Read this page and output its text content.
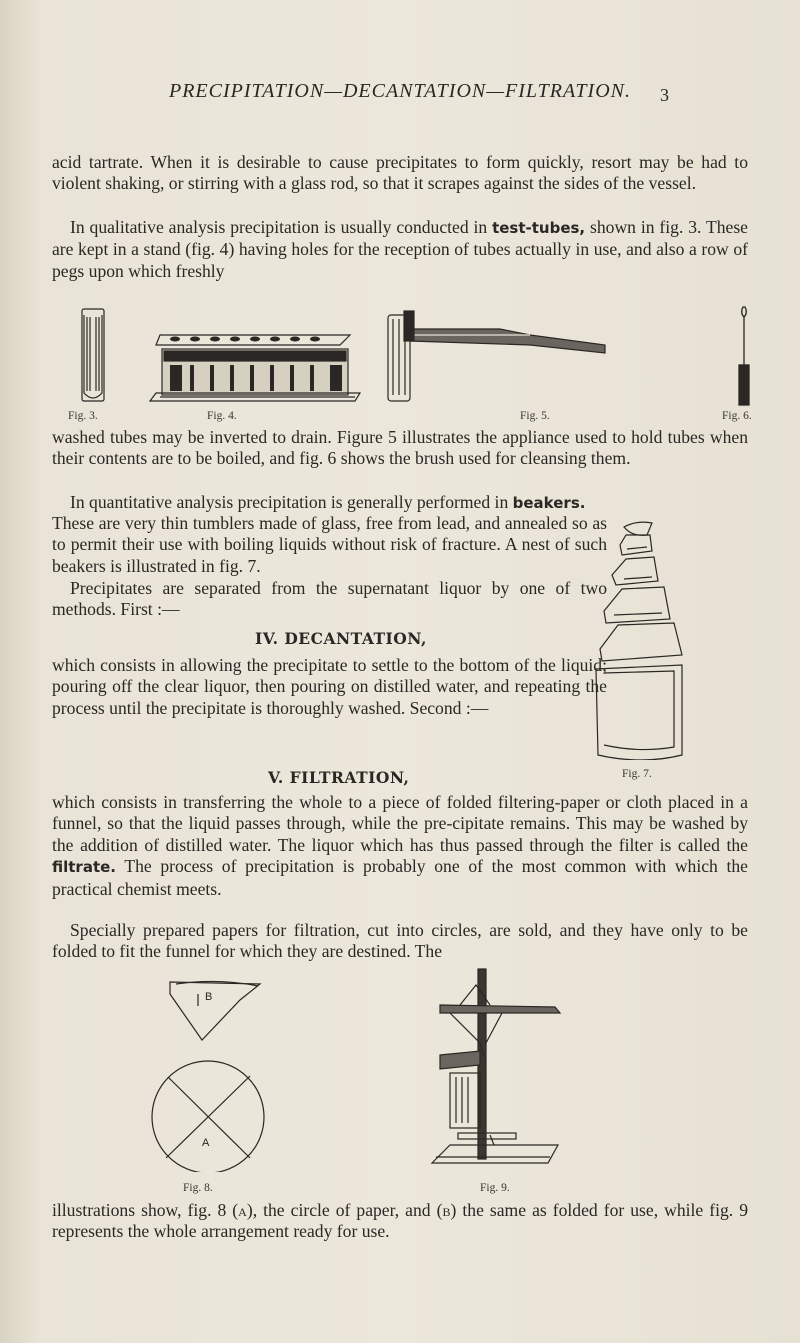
PRECIPITATION—DECANTATION—FILTRATION.	3

acid tartrate. When it is desirable to cause precipitates to form quickly, resort may be had to violent shaking, or stirring with a glass rod, so that it scrapes against the sides of the vessel.

In qualitative analysis precipitation is usually conducted in test-tubes, shown in fig. 3. These are kept in a stand (fig. 4) having holes for the reception of tubes actually in use, and also a row of pegs upon which freshly

Fig. 3.	Fig. 4.	Fig. 5.	Fig. 6.

washed tubes may be inverted to drain. Figure 5 illustrates the appliance used to hold tubes when their contents are to be boiled, and fig. 6 shows the brush used for cleansing them.

In quantitative analysis precipitation is generally performed in beakers.

These are very thin tumblers made of glass, free from lead, and annealed so as to permit their use with boiling liquids without risk of fracture. A nest of such beakers is illustrated in fig. 7.

Precipitates are separated from the supernatant liquor by one of two methods. First :—

IV. DECANTATION,

which consists in allowing the precipitate to settle to the bottom of the liquid; pouring off the clear liquor, then pouring on distilled water, and repeating the process until the precipitate is thoroughly washed. Second :—

Fig. 7.
V. FILTRATION,

which consists in transferring the whole to a piece of folded filtering-paper or cloth placed in a funnel, so that the liquid passes through, while the pre-cipitate remains. This may be washed by the addition of distilled water. The liquor which has thus passed through the filter is called the filtrate. The process of precipitation is probably one of the most common with which the practical chemist meets.

Specially prepared papers for filtration, cut into circles, are sold, and they have only to be folded to fit the funnel for which they are destined. The

B
A
Fig. 8.	Fig. 9.

illustrations show, fig. 8 (a), the circle of paper, and (b) the same as folded for use, while fig. 9 represents the whole arrangement ready for use.
